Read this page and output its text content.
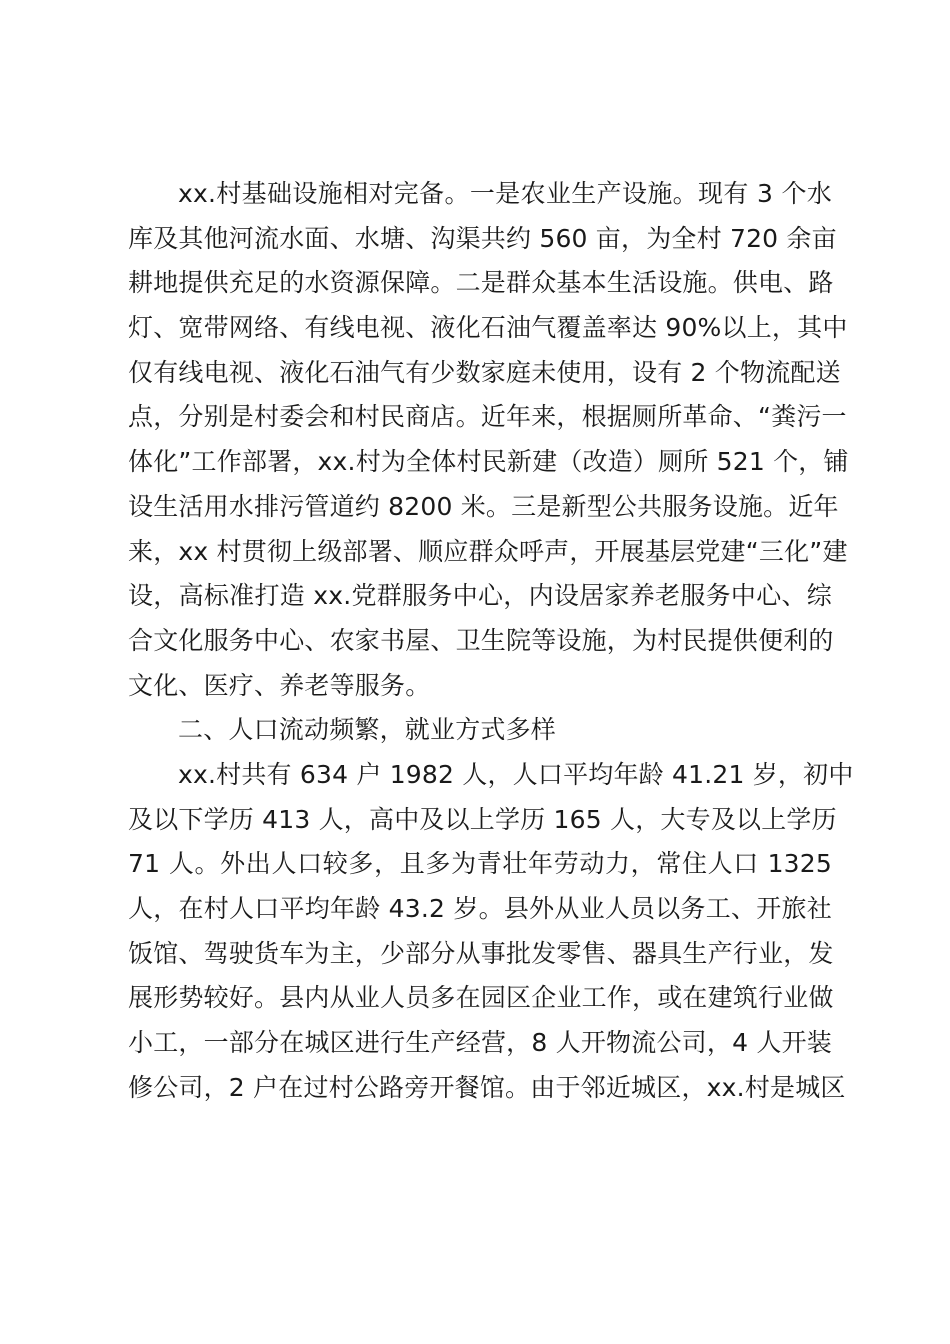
xx.村基础设施相对完备。一是农业生产设施。现有 3 个水
库及其他河流水面、水塘、沟渠共约 560 亩，为全村 720 余亩
耕地提供充足的水资源保障。二是群众基本生活设施。供电、路
灯、宽带网络、有线电视、液化石油气覆盖率达 90%以上，其中
仅有线电视、液化石油气有少数家庭未使用，设有 2 个物流配送
点，分别是村委会和村民商店。近年来，根据厕所革命、“粪污一
体化”工作部署，xx.村为全体村民新建（改造）厕所 521 个，铺
设生活用水排污管道约 8200 米。三是新型公共服务设施。近年
来，xx 村贯彻上级部署、顺应群众呼声，开展基层党建“三化”建
设，高标准打造 xx.党群服务中心，内设居家养老服务中心、综
合文化服务中心、农家书屋、卫生院等设施，为村民提供便利的
文化、医疗、养老等服务。
二、人口流动频繁，就业方式多样
xx.村共有 634 户 1982 人，人口平均年龄 41.21 岁，初中
及以下学历 413 人，高中及以上学历 165 人，大专及以上学历
71 人。外出人口较多，且多为青壮年劳动力，常住人口 1325
人，在村人口平均年龄 43.2 岁。县外从业人员以务工、开旅社
饭馆、驾驶货车为主，少部分从事批发零售、器具生产行业，发
展形势较好。县内从业人员多在园区企业工作，或在建筑行业做
小工，一部分在城区进行生产经营，8 人开物流公司，4 人开装
修公司，2 户在过村公路旁开餐馆。由于邻近城区，xx.村是城区
